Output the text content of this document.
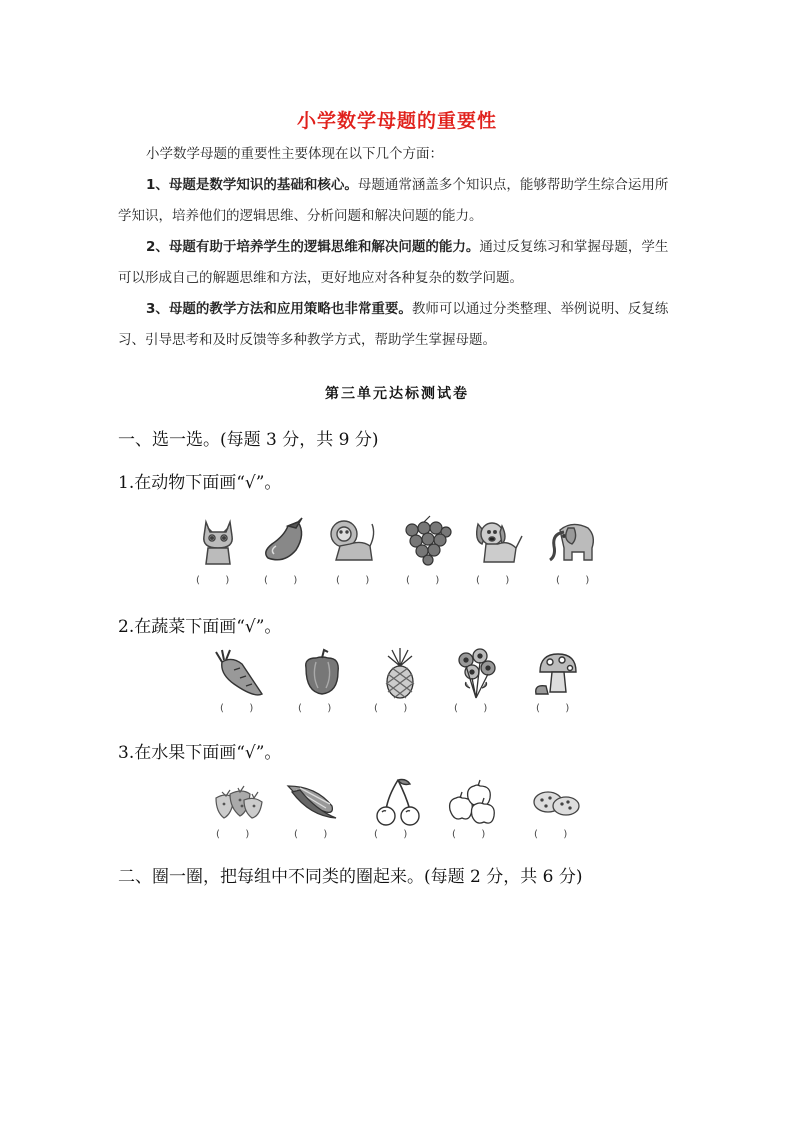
小学数学母题的重要性
小学数学母题的重要性主要体现在以下几个方面：
1、母题是数学知识的基础和核心。母题通常涵盖多个知识点，能够帮助学生综合运用所学知识，培养他们的逻辑思维、分析问题和解决问题的能力。
2、母题有助于培养学生的逻辑思维和解决问题的能力。通过反复练习和掌握母题，学生可以形成自己的解题思维和方法，更好地应对各种复杂的数学问题。
3、母题的教学方法和应用策略也非常重要。教师可以通过分类整理、举例说明、反复练习、引导思考和及时反馈等多种教学方式，帮助学生掌握母题。
第三单元达标测试卷
一、选一选。(每题 3 分，共 9 分)
1.在动物下面画“√”。
(        )	(        )	(        )	(        )	(        )	(        )
2.在蔬菜下面画“√”。
(        )	(        )	(        )	(        )	(        )
3.在水果下面画“√”。
(        )	(        )	(        )	(        )	(        )
二、圈一圈，把每组中不同类的圈起来。(每题 2 分，共 6 分)
